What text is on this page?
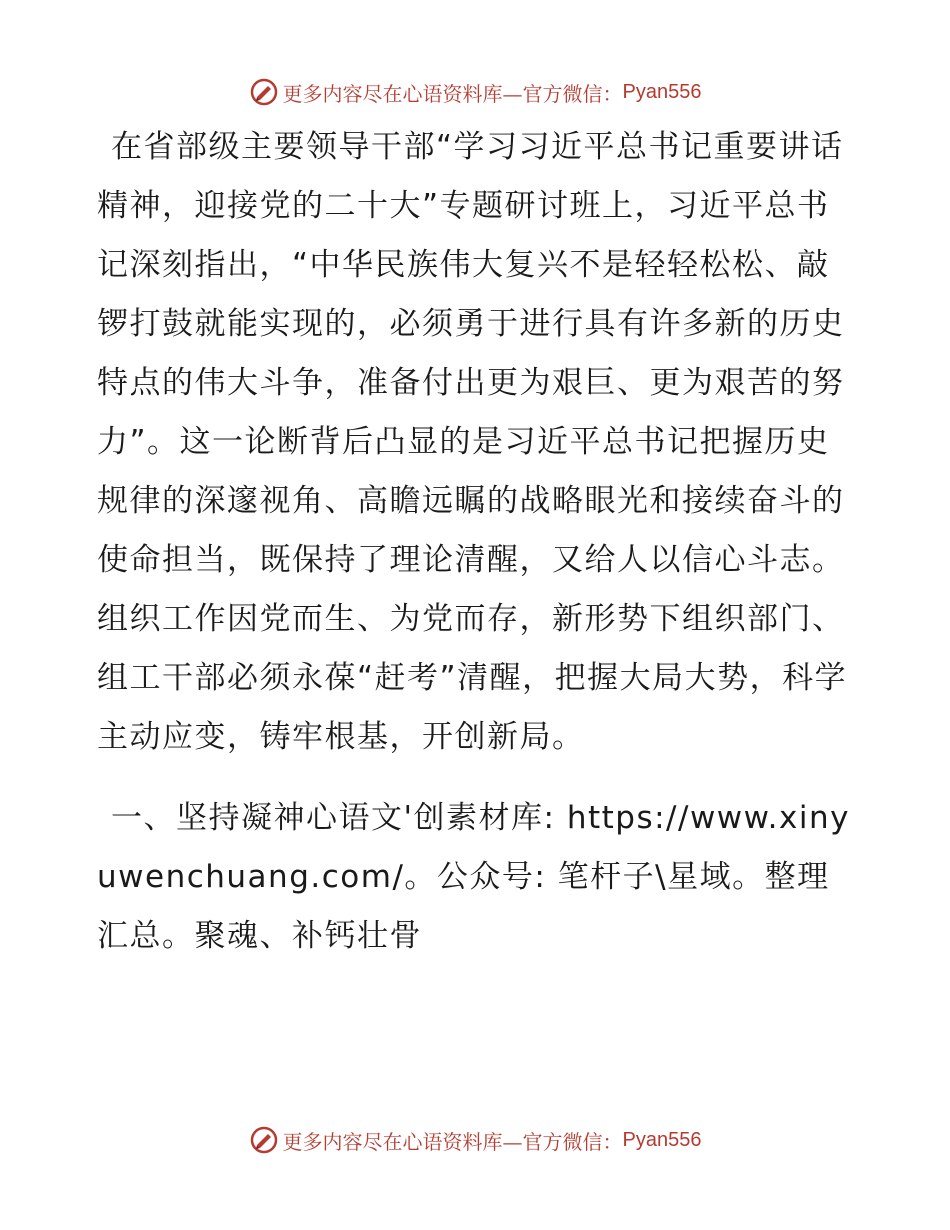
更多内容尽在心语资料库—官方微信： Pyan556

在省部级主要领导干部“学习习近平总书记重要讲话精神，迎接党的二十大”专题研讨班上，习近平总书记深刻指出，“中华民族伟大复兴不是轻轻松松、敲锣打鼓就能实现的，必须勇于进行具有许多新的历史特点的伟大斗争，准备付出更为艰巨、更为艰苦的努力”。这一论断背后凸显的是习近平总书记把握历史规律的深邃视角、高瞻远瞩的战略眼光和接续奋斗的使命担当，既保持了理论清醒，又给人以信心斗志。组织工作因党而生、为党而存，新形势下组织部门、组工干部必须永葆“赶考”清醒，把握大局大势，科学主动应变，铸牢根基，开创新局。

一、坚持凝神心语文'创素材库: https://www.xinyuwenchuang.com/。公众号: 笔杆子\星域。整理汇总。聚魂、补钙壮骨

更多内容尽在心语资料库—官方微信： Pyan556
